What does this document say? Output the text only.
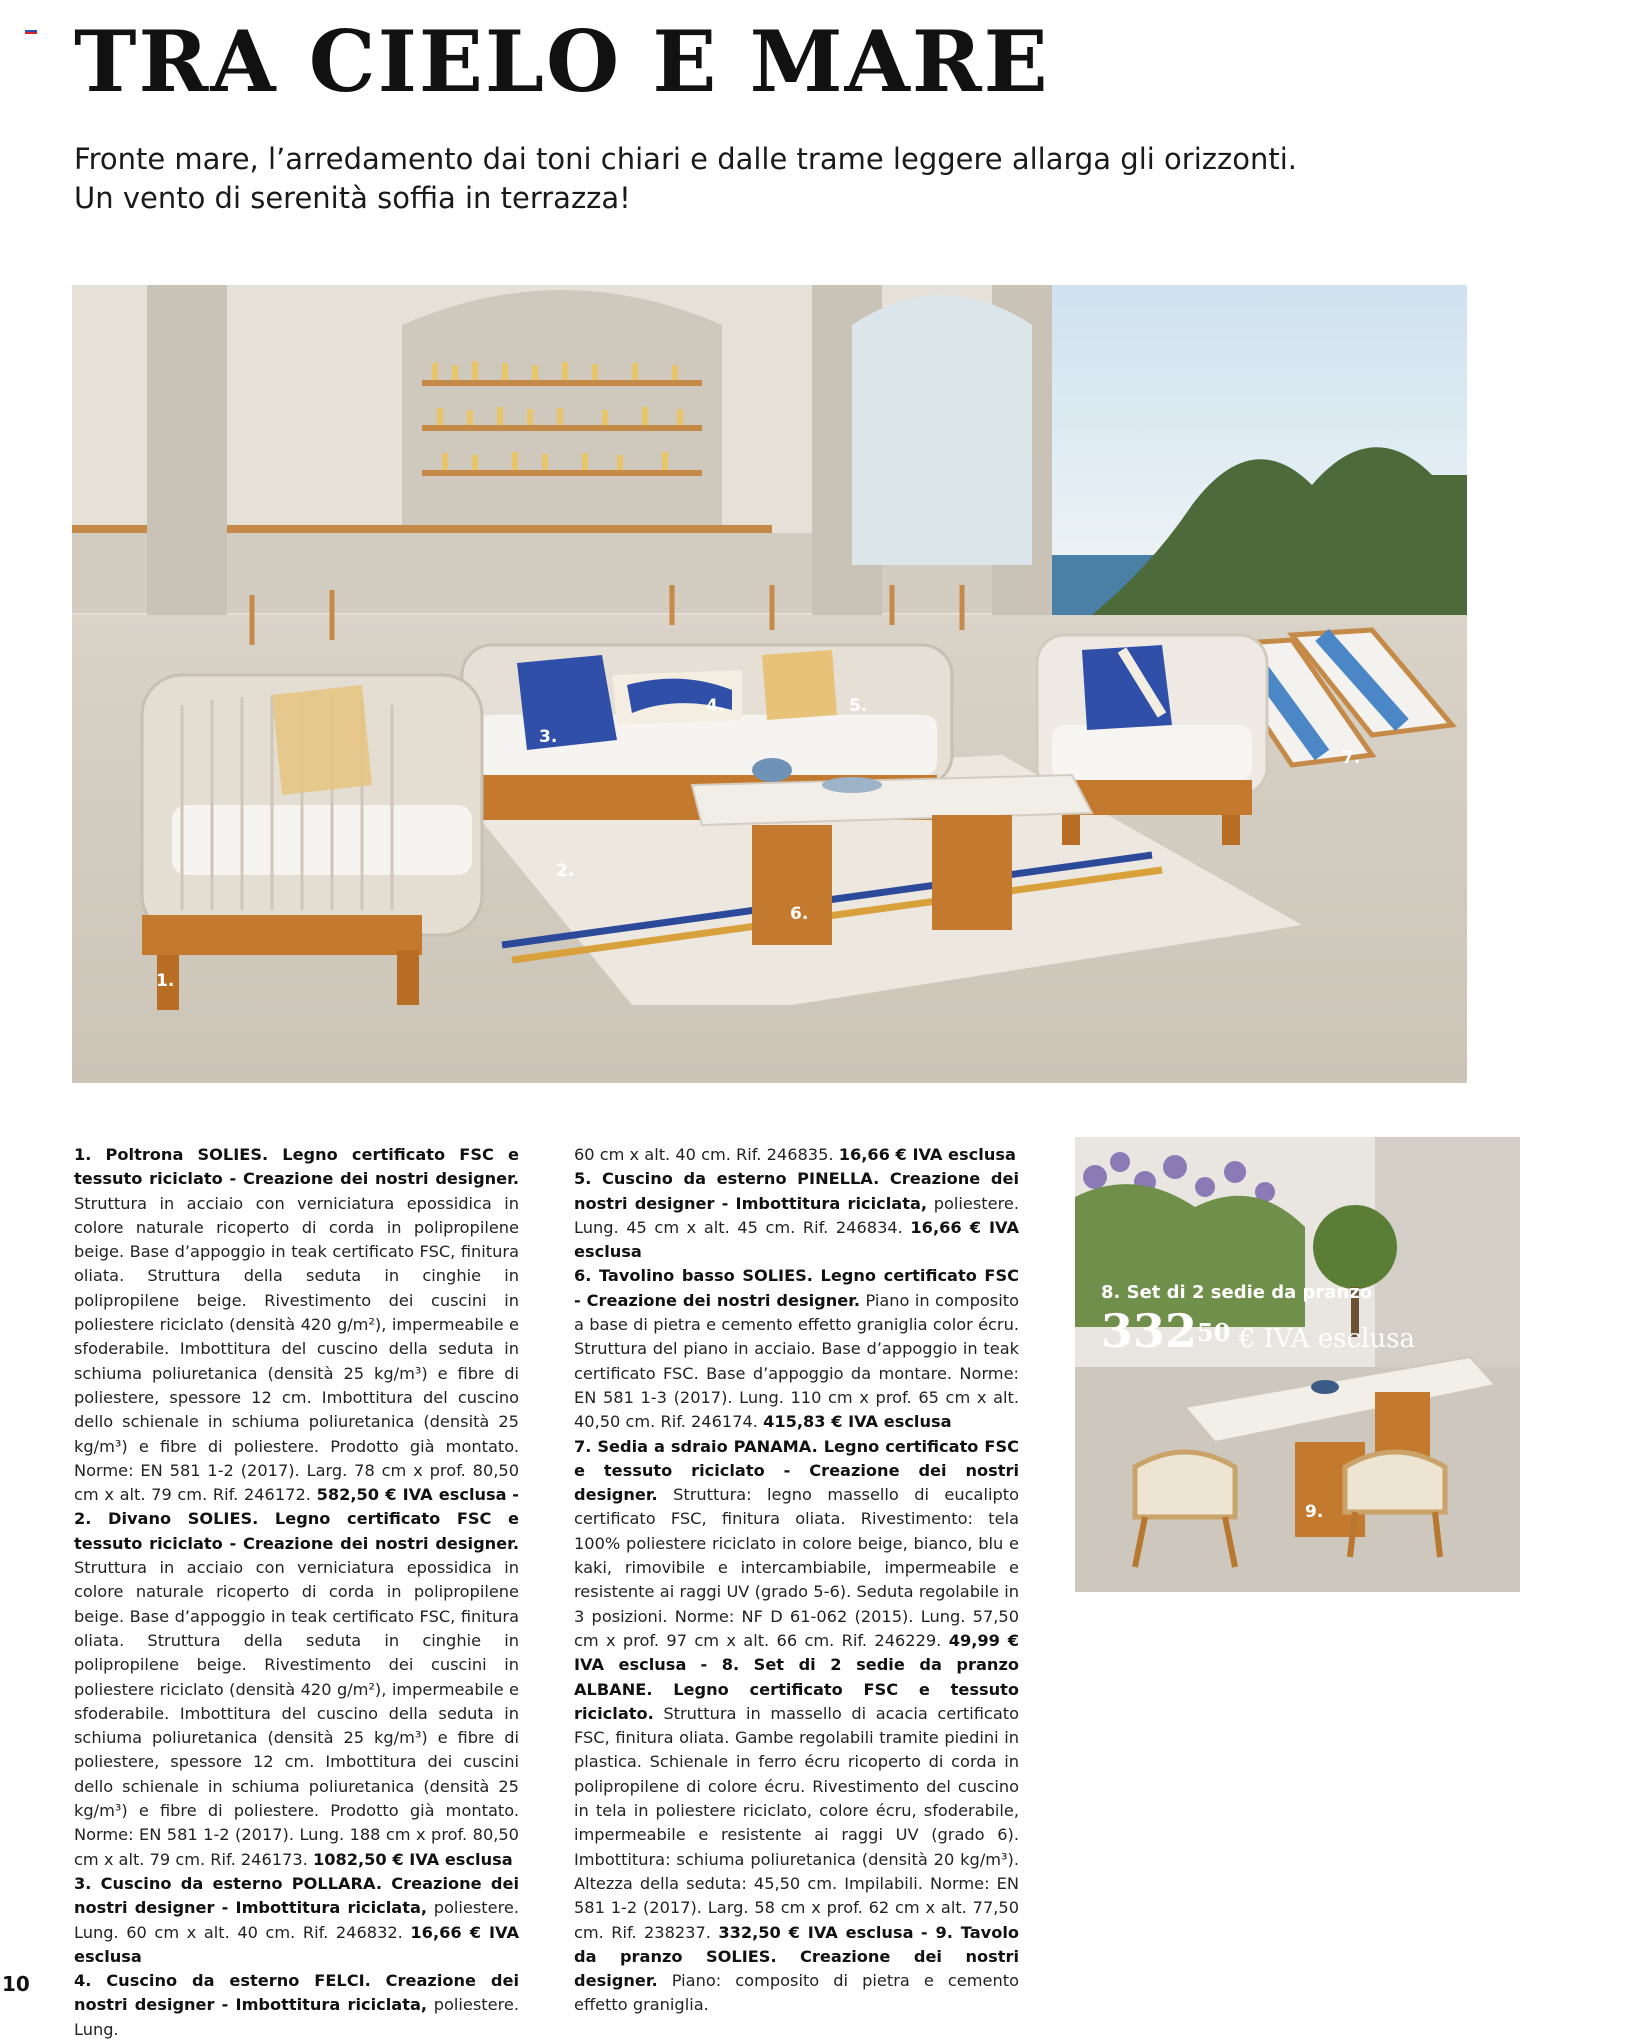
TRA CIELO E MARE

Fronte mare, l’arredamento dai toni chiari e dalle trame leggere allarga gli orizzonti.
Un vento di serenità soffia in terrazza!

1.
2.
3.
4.	5.
6.
7.
1. Poltrona SOLIES. Legno certificato FSC e tessuto riciclato - Creazione dei nostri designer. Struttura in acciaio con verniciatura epossidica in colore naturale ricoperto di corda in polipropilene beige. Base d’appoggio in teak certificato FSC, finitura oliata. Struttura della seduta in cinghie in polipropilene beige. Rivestimento dei cuscini in poliestere riciclato (densità 420 g/m²), impermeabile e sfoderabile. Imbottitura del cuscino della seduta in schiuma poliuretanica (densità 25 kg/m³) e fibre di poliestere, spessore 12 cm. Imbottitura del cuscino dello schienale in schiuma poliuretanica (densità 25 kg/m³) e fibre di poliestere. Prodotto già montato. Norme: EN 581 1-2 (2017). Larg. 78 cm x prof. 80,50 cm x alt. 79 cm. Rif. 246172. 582,50 € IVA esclusa - 2. Divano SOLIES. Legno certificato FSC e tessuto riciclato - Creazione dei nostri designer. Struttura in acciaio con verniciatura epossidica in colore naturale ricoperto di corda in polipropilene beige. Base d’appoggio in teak certificato FSC, finitura oliata. Struttura della seduta in cinghie in polipropilene beige. Rivestimento dei cuscini in poliestere riciclato (densità 420 g/m²), impermeabile e sfoderabile. Imbottitura del cuscino della seduta in schiuma poliuretanica (densità 25 kg/m³) e fibre di poliestere, spessore 12 cm. Imbottitura dei cuscini dello schienale in schiuma poliuretanica (densità 25 kg/m³) e fibre di poliestere. Prodotto già montato. Norme: EN 581 1-2 (2017). Lung. 188 cm x prof. 80,50 cm x alt. 79 cm. Rif. 246173. 1082,50 € IVA esclusa
3. Cuscino da esterno POLLARA. Creazione dei nostri designer - Imbottitura riciclata, poliestere. Lung. 60 cm x alt. 40 cm. Rif. 246832. 16,66 € IVA esclusa
4. Cuscino da esterno FELCI. Creazione dei nostri designer - Imbottitura riciclata, poliestere. Lung.
60 cm x alt. 40 cm. Rif. 246835. 16,66 € IVA esclusa
5. Cuscino da esterno PINELLA. Creazione dei nostri designer - Imbottitura riciclata, poliestere. Lung. 45 cm x alt. 45 cm. Rif. 246834. 16,66 € IVA esclusa
6. Tavolino basso SOLIES. Legno certificato FSC - Creazione dei nostri designer. Piano in composito a base di pietra e cemento effetto graniglia color écru. Struttura del piano in acciaio. Base d’appoggio in teak certificato FSC. Base d’appoggio da montare. Norme: EN 581 1-3 (2017). Lung. 110 cm x prof. 65 cm x alt. 40,50 cm. Rif. 246174. 415,83 € IVA esclusa
7. Sedia a sdraio PANAMA. Legno certificato FSC e tessuto riciclato - Creazione dei nostri designer. Struttura: legno massello di eucalipto certificato FSC, finitura oliata. Rivestimento: tela 100% poliestere riciclato in colore beige, bianco, blu e kaki, rimovibile e intercambiabile, impermeabile e resistente ai raggi UV (grado 5-6). Seduta regolabile in 3 posizioni. Norme: NF D 61-062 (2015). Lung. 57,50 cm x prof. 97 cm x alt. 66 cm. Rif. 246229. 49,99 € IVA esclusa - 8. Set di 2 sedie da pranzo ALBANE. Legno certificato FSC e tessuto riciclato. Struttura in massello di acacia certificato FSC, finitura oliata. Gambe regolabili tramite piedini in plastica. Schienale in ferro écru ricoperto di corda in polipropilene di colore écru. Rivestimento del cuscino in tela in poliestere riciclato, colore écru, sfoderabile, impermeabile e resistente ai raggi UV (grado 6). Imbottitura: schiuma poliuretanica (densità 20 kg/m³). Altezza della seduta: 45,50 cm. Impilabili. Norme: EN 581 1-2 (2017). Larg. 58 cm x prof. 62 cm x alt. 77,50 cm. Rif. 238237. 332,50 € IVA esclusa - 9. Tavolo da pranzo SOLIES. Creazione dei nostri designer. Piano: composito di pietra e cemento effetto graniglia.
8. Set di 2 sedie da pranzo
$332^{50}$ € IVA esclusa
9.

10
